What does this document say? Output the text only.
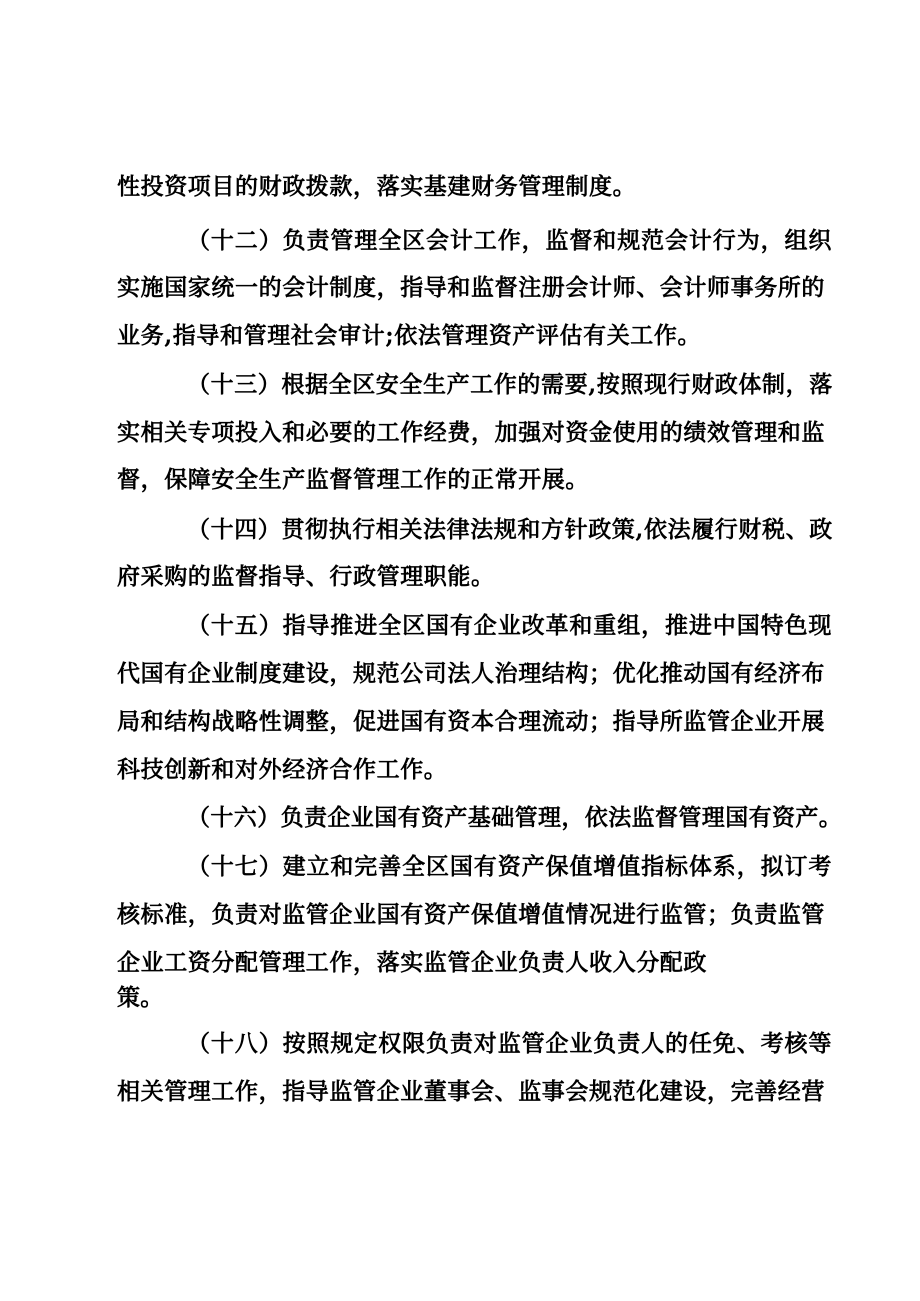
性投资项目的财政拨款，落实基建财务管理制度。
（十二）负责管理全区会计工作，监督和规范会计行为，组织
实施国家统一的会计制度，指导和监督注册会计师、会计师事务所的
业务,指导和管理社会审计;依法管理资产评估有关工作。
（十三）根据全区安全生产工作的需要,按照现行财政体制，落
实相关专项投入和必要的工作经费，加强对资金使用的绩效管理和监
督，保障安全生产监督管理工作的正常开展。
（十四）贯彻执行相关法律法规和方针政策,依法履行财税、政
府采购的监督指导、行政管理职能。
（十五）指导推进全区国有企业改革和重组，推进中国特色现
代国有企业制度建设，规范公司法人治理结构；优化推动国有经济布
局和结构战略性调整，促进国有资本合理流动；指导所监管企业开展
科技创新和对外经济合作工作。
（十六）负责企业国有资产基础管理，依法监督管理国有资产。
（十七）建立和完善全区国有资产保值增值指标体系，拟订考
核标准，负责对监管企业国有资产保值增值情况进行监管；负责监管
企业工资分配管理工作，落实监管企业负责人收入分配政
策。
（十八）按照规定权限负责对监管企业负责人的任免、考核等
相关管理工作，指导监管企业董事会、监事会规范化建设，完善经营
